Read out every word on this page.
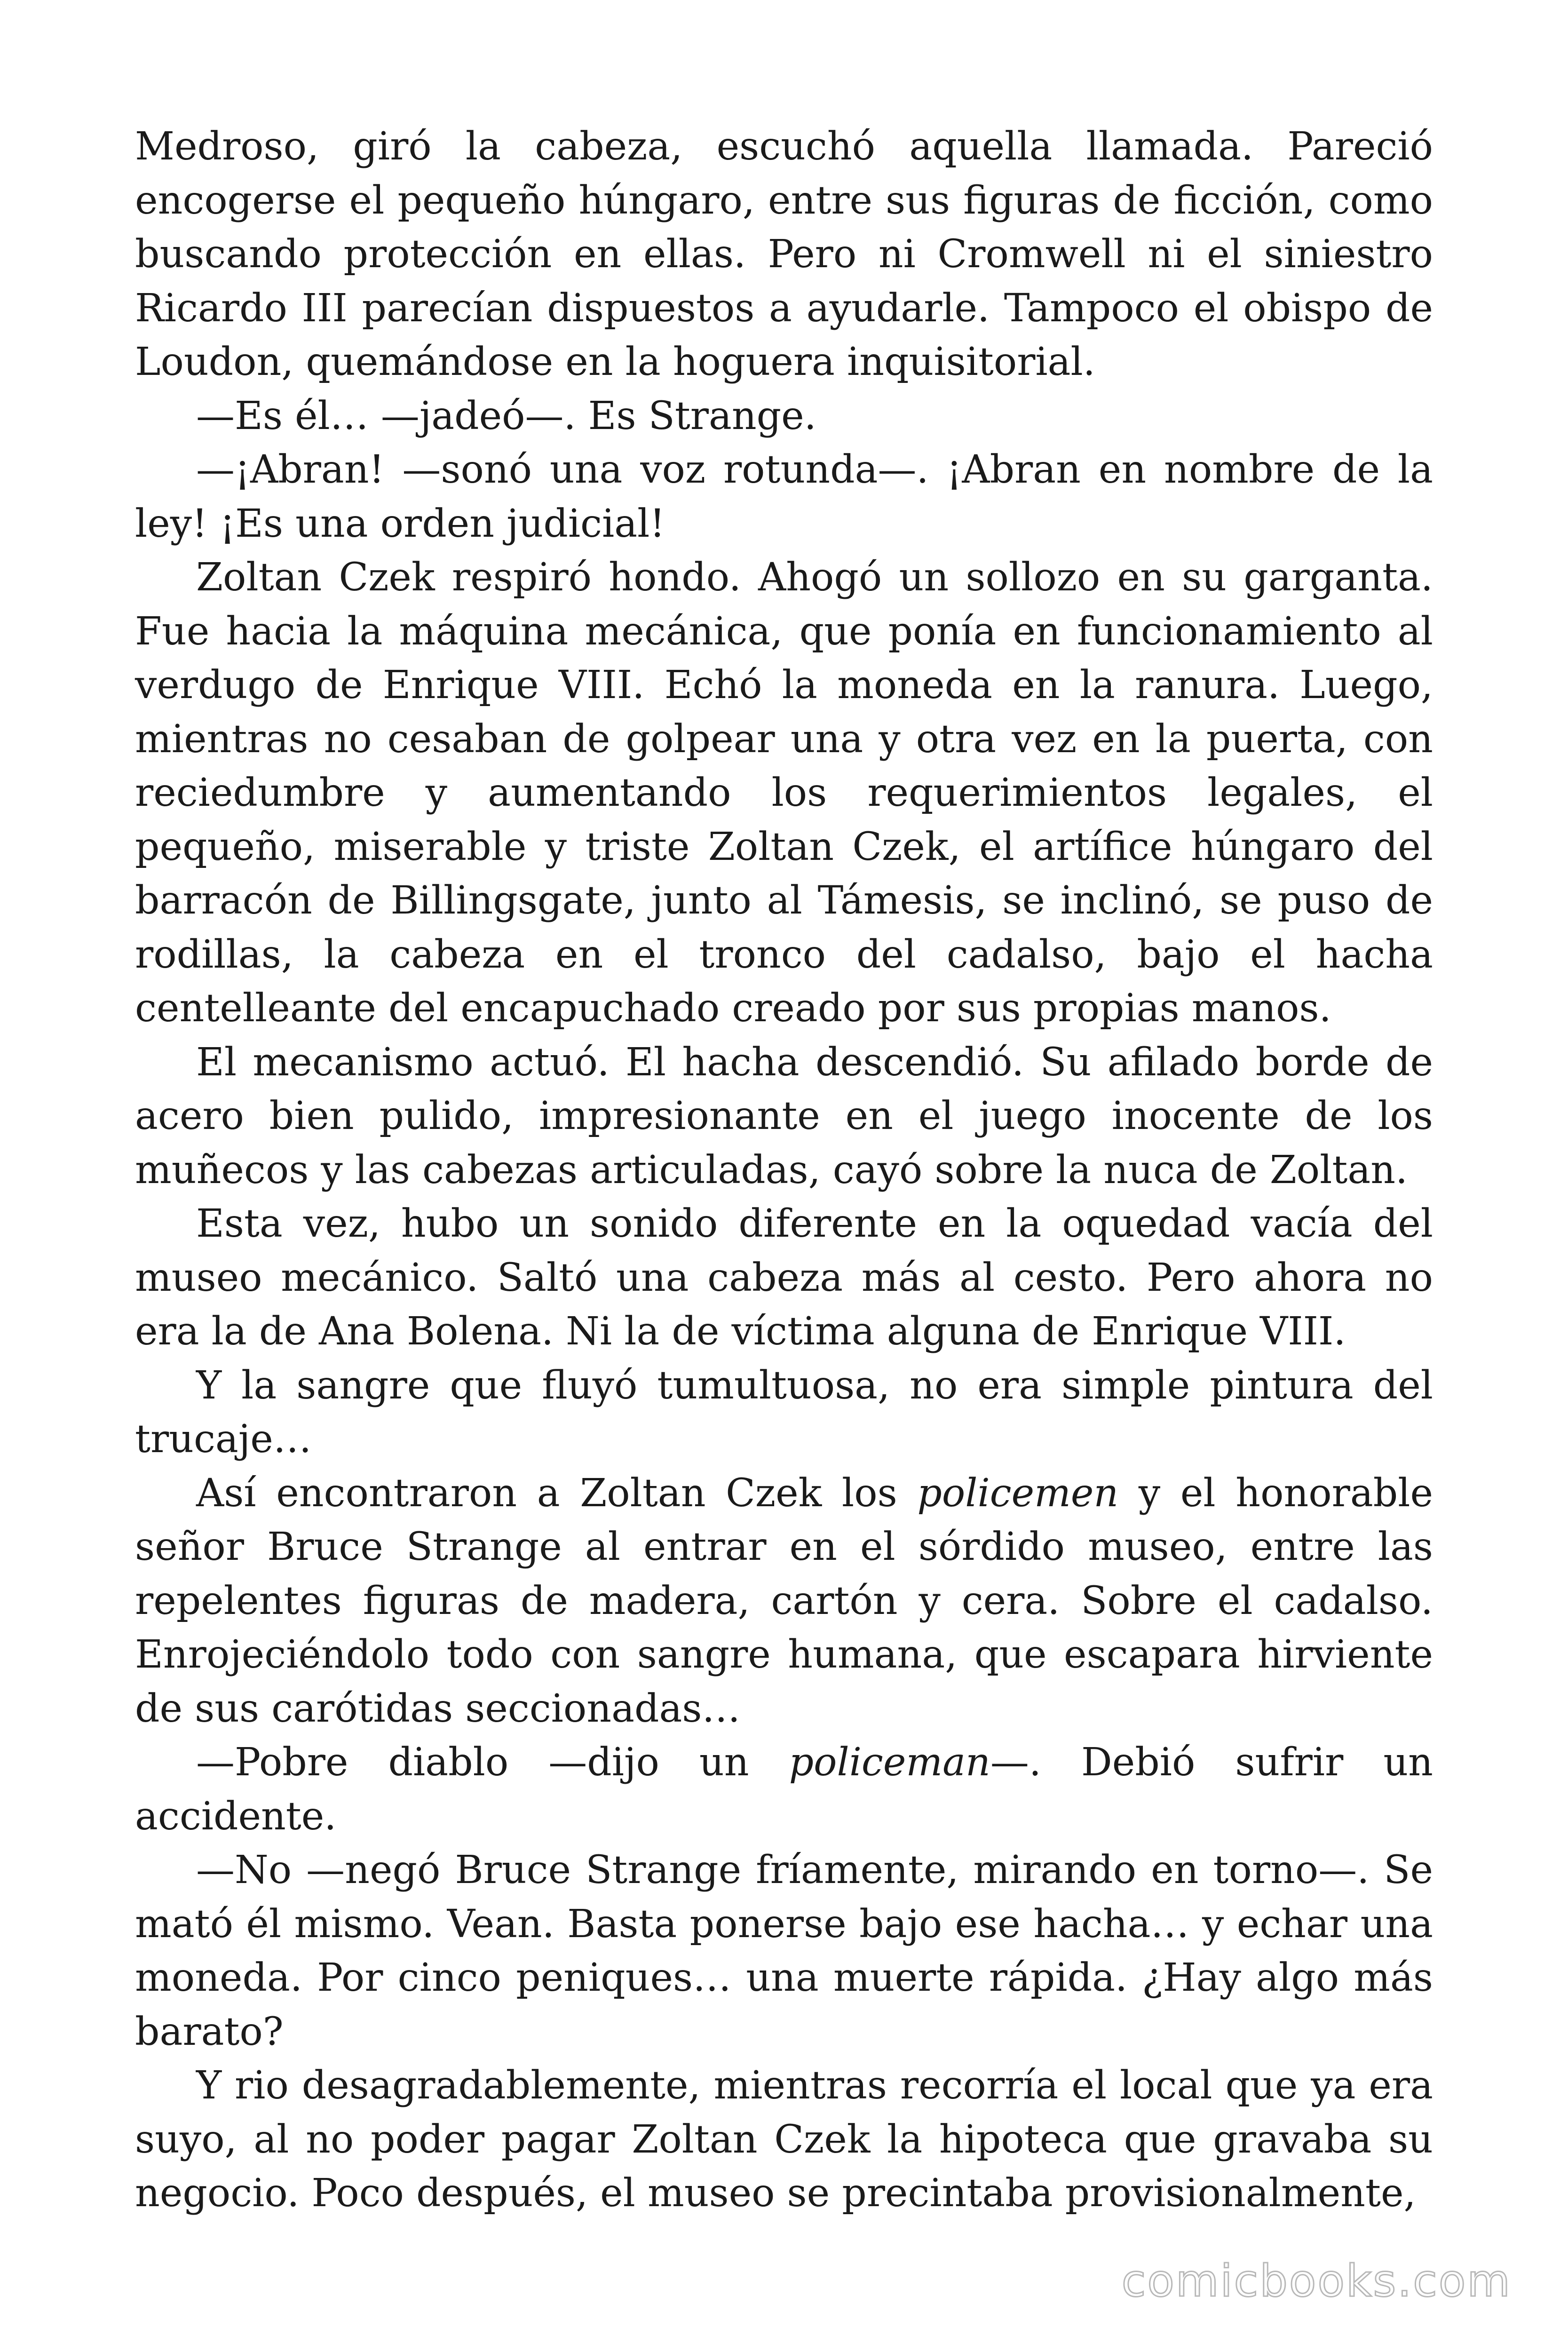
Medroso, giró la cabeza, escuchó aquella llamada. Pareció encogerse el pequeño húngaro, entre sus figuras de ficción, como buscando protección en ellas. Pero ni Cromwell ni el siniestro Ricardo III parecían dispuestos a ayudarle. Tampoco el obispo de Loudon, quemándose en la hoguera inquisitorial.

—Es él… —jadeó—. Es Strange.

—¡Abran! —sonó una voz rotunda—. ¡Abran en nombre de la ley! ¡Es una orden judicial!

Zoltan Czek respiró hondo. Ahogó un sollozo en su garganta. Fue hacia la máquina mecánica, que ponía en funcionamiento al verdugo de Enrique VIII. Echó la moneda en la ranura. Luego, mientras no cesaban de golpear una y otra vez en la puerta, con reciedumbre y aumentando los requerimientos legales, el pequeño, miserable y triste Zoltan Czek, el artífice húngaro del barracón de Billingsgate, junto al Támesis, se inclinó, se puso de rodillas, la cabeza en el tronco del cadalso, bajo el hacha centelleante del encapuchado creado por sus propias manos.

El mecanismo actuó. El hacha descendió. Su afilado borde de acero bien pulido, impresionante en el juego inocente de los muñecos y las cabezas articuladas, cayó sobre la nuca de Zoltan.

Esta vez, hubo un sonido diferente en la oquedad vacía del museo mecánico. Saltó una cabeza más al cesto. Pero ahora no era la de Ana Bolena. Ni la de víctima alguna de Enrique VIII.

Y la sangre que fluyó tumultuosa, no era simple pintura del trucaje…

Así encontraron a Zoltan Czek los policemen y el honorable señor Bruce Strange al entrar en el sórdido museo, entre las repelentes figuras de madera, cartón y cera. Sobre el cadalso. Enrojeciéndolo todo con sangre humana, que escapara hirviente de sus carótidas seccionadas…

—Pobre diablo —dijo un policeman—. Debió sufrir un accidente.

—No —negó Bruce Strange fríamente, mirando en torno—. Se mató él mismo. Vean. Basta ponerse bajo ese hacha… y echar una moneda. Por cinco peniques… una muerte rápida. ¿Hay algo más barato?

Y rio desagradablemente, mientras recorría el local que ya era suyo, al no poder pagar Zoltan Czek la hipoteca que gravaba su negocio. Poco después, el museo se precintaba provisionalmente,

comicbooks.com
